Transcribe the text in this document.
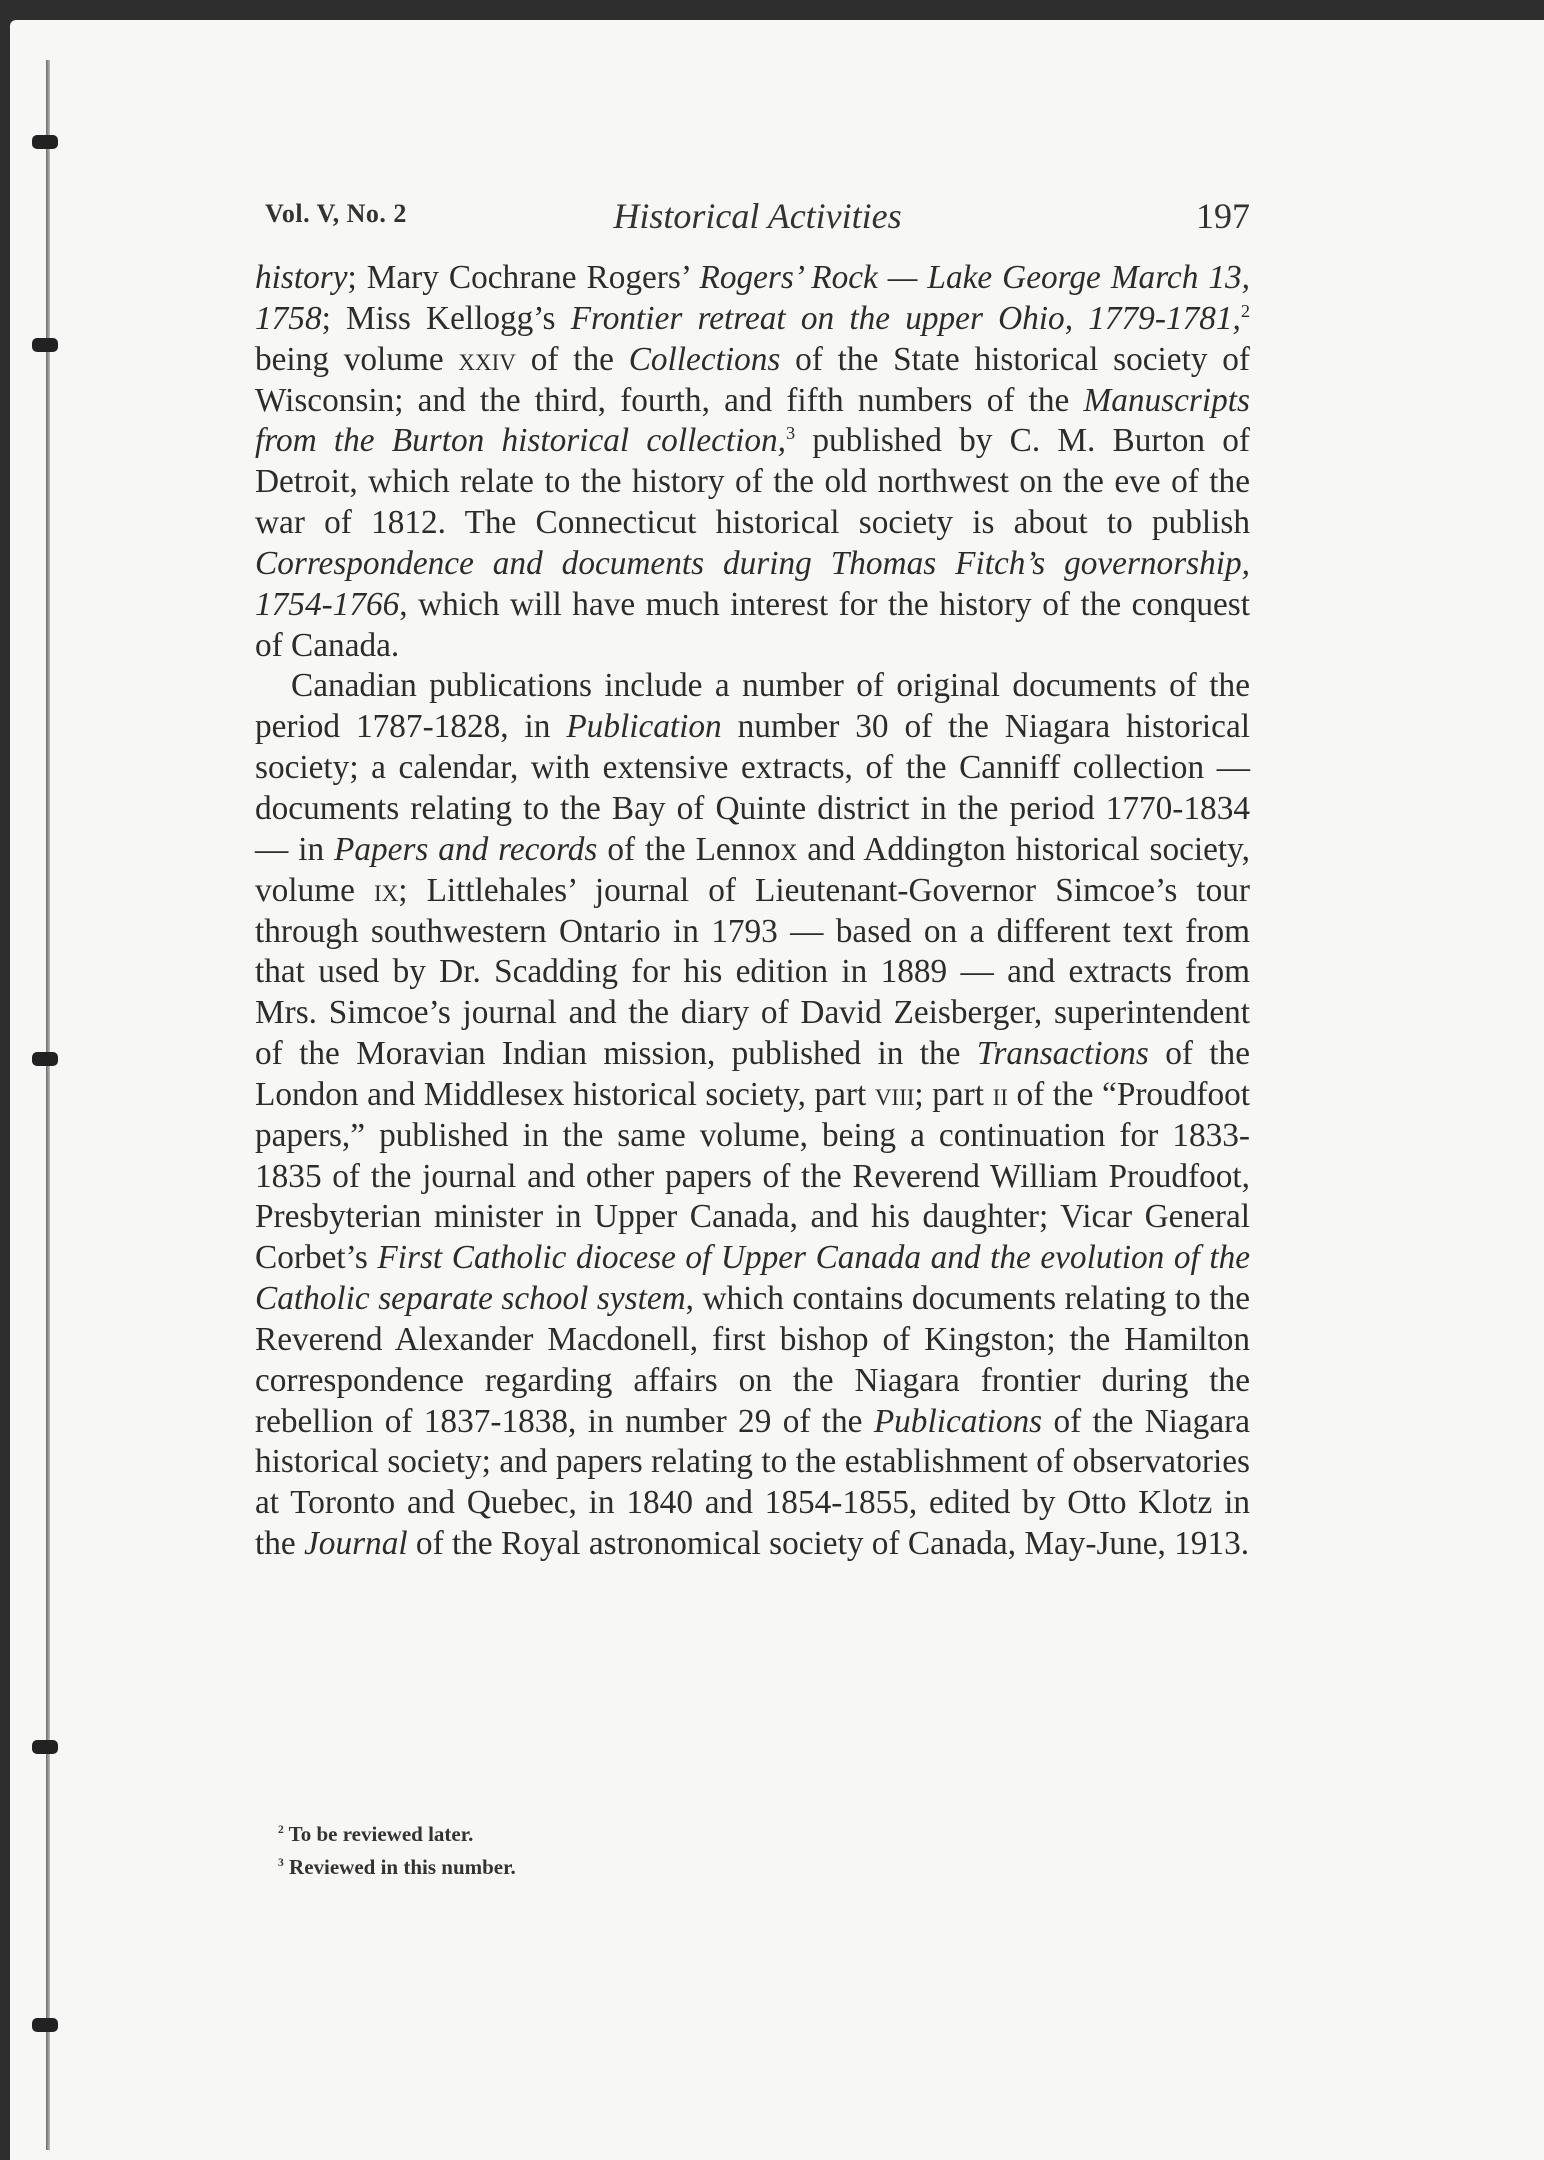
Vol. V, No. 2	Historical Activities	197

history; Mary Cochrane Rogers’ Rogers’ Rock — Lake George March 13, 1758; Miss Kellogg’s Frontier retreat on the upper Ohio, 1779-1781,$^2$ being volume xxiv of the Collections of the State historical society of Wisconsin; and the third, fourth, and fifth numbers of the Manuscripts from the Burton historical collection,$^3$ published by C. M. Burton of Detroit, which relate to the history of the old northwest on the eve of the war of 1812. The Connecticut historical society is about to publish Correspondence and documents during Thomas Fitch’s governorship, 1754-1766, which will have much interest for the history of the conquest of Canada.

Canadian publications include a number of original documents of the period 1787-1828, in Publication number 30 of the Niagara historical society; a calendar, with extensive extracts, of the Canniff collection — documents relating to the Bay of Quinte district in the period 1770-1834 — in Papers and records of the Lennox and Addington historical society, volume ix; Littlehales’ journal of Lieutenant-Governor Simcoe’s tour through southwestern Ontario in 1793 — based on a different text from that used by Dr. Scadding for his edition in 1889 — and extracts from Mrs. Simcoe’s journal and the diary of David Zeisberger, superintendent of the Moravian Indian mission, published in the Transactions of the London and Middlesex historical society, part viii; part ii of the “Proudfoot papers,” published in the same volume, being a continuation for 1833-1835 of the journal and other papers of the Reverend William Proudfoot, Presbyterian minister in Upper Canada, and his daughter; Vicar General Corbet’s First Catholic diocese of Upper Canada and the evolution of the Catholic separate school system, which contains documents relating to the Reverend Alexander Macdonell, first bishop of Kingston; the Hamilton correspondence regarding affairs on the Niagara frontier during the rebellion of 1837-1838, in number 29 of the Publications of the Niagara historical society; and papers relating to the establishment of observatories at Toronto and Quebec, in 1840 and 1854-1855, edited by Otto Klotz in the Journal of the Royal astronomical society of Canada, May-June, 1913.

$^2$ To be reviewed later.

$^3$ Reviewed in this number.
